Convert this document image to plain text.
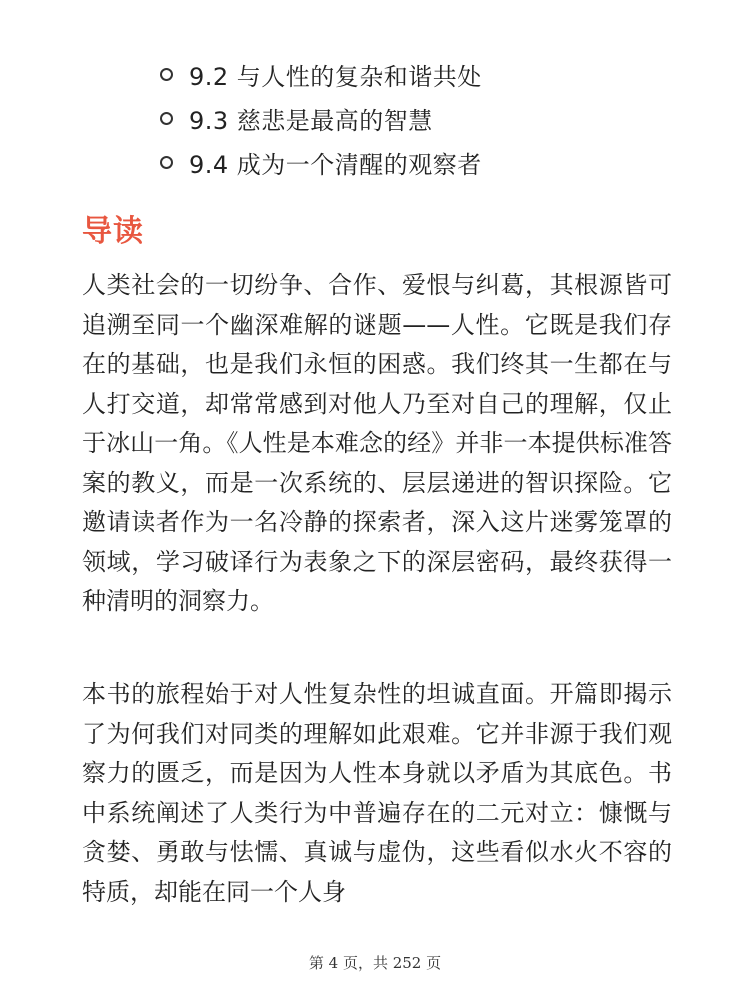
9.2 与人性的复杂和谐共处
9.3 慈悲是最高的智慧
9.4 成为一个清醒的观察者
导读

人类社会的一切纷争、合作、爱恨与纠葛，其根源皆可追溯至同一个幽深难解的谜题——人性。它既是我们存在的基础，也是我们永恒的困惑。我们终其一生都在与人打交道，却常常感到对他人乃至对自己的理解，仅止于冰山一角。《人性是本难念的经》并非一本提供标准答案的教义，而是一次系统的、层层递进的智识探险。它邀请读者作为一名冷静的探索者，深入这片迷雾笼罩的领域，学习破译行为表象之下的深层密码，最终获得一种清明的洞察力。

本书的旅程始于对人性复杂性的坦诚直面。开篇即揭示了为何我们对同类的理解如此艰难。它并非源于我们观察力的匮乏，而是因为人性本身就以矛盾为其底色。书中系统阐述了人类行为中普遍存在的二元对立：慷慨与贪婪、勇敢与怯懦、真诚与虚伪，这些看似水火不容的特质，却能在同一个人身

第 4 页，共 252 页
